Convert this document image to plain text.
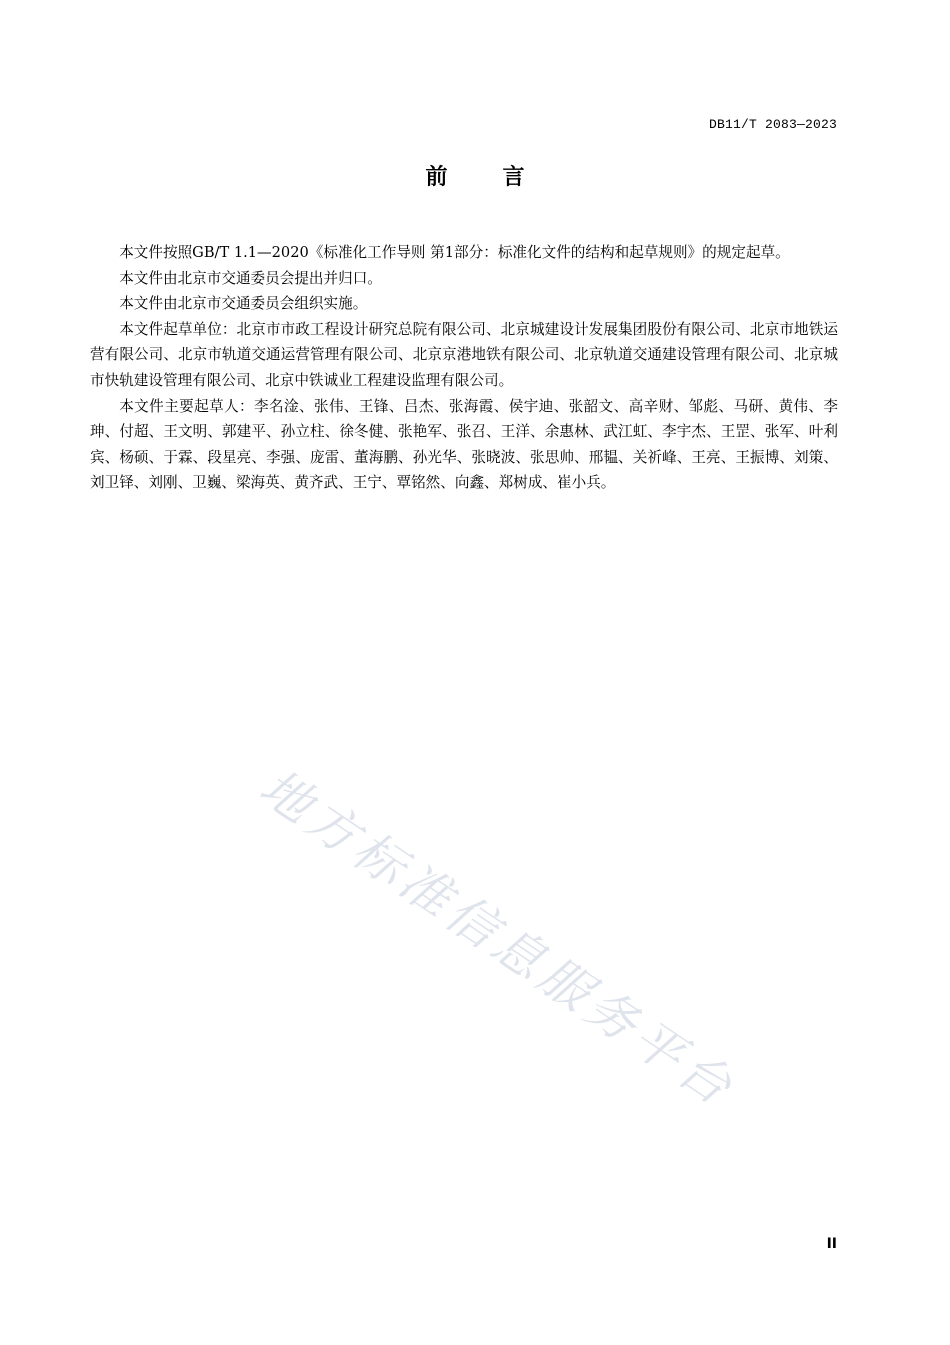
DB11/T 2083—2023
前言

本文件按照GB/T 1.1—2020《标准化工作导则 第1部分：标准化文件的结构和起草规则》的规定起草。

本文件由北京市交通委员会提出并归口。

本文件由北京市交通委员会组织实施。

本文件起草单位：北京市市政工程设计研究总院有限公司、北京城建设计发展集团股份有限公司、北京市地铁运营有限公司、北京市轨道交通运营管理有限公司、北京京港地铁有限公司、北京轨道交通建设管理有限公司、北京城市快轨建设管理有限公司、北京中铁诚业工程建设监理有限公司。

本文件主要起草人：李名淦、张伟、王锋、吕杰、张海霞、侯宇迪、张韶文、高辛财、邹彪、马研、黄伟、李珅、付超、王文明、郭建平、孙立柱、徐冬健、张艳军、张召、王洋、余惠林、武江虹、李宇杰、王罡、张军、叶利宾、杨硕、于霖、段星亮、李强、庞雷、董海鹏、孙光华、张晓波、张思帅、邢韫、关祈峰、王亮、王振博、刘策、刘卫铎、刘刚、卫巍、梁海英、黄齐武、王宁、覃铭然、向鑫、郑树成、崔小兵。

地方标准信息服务平台
II
